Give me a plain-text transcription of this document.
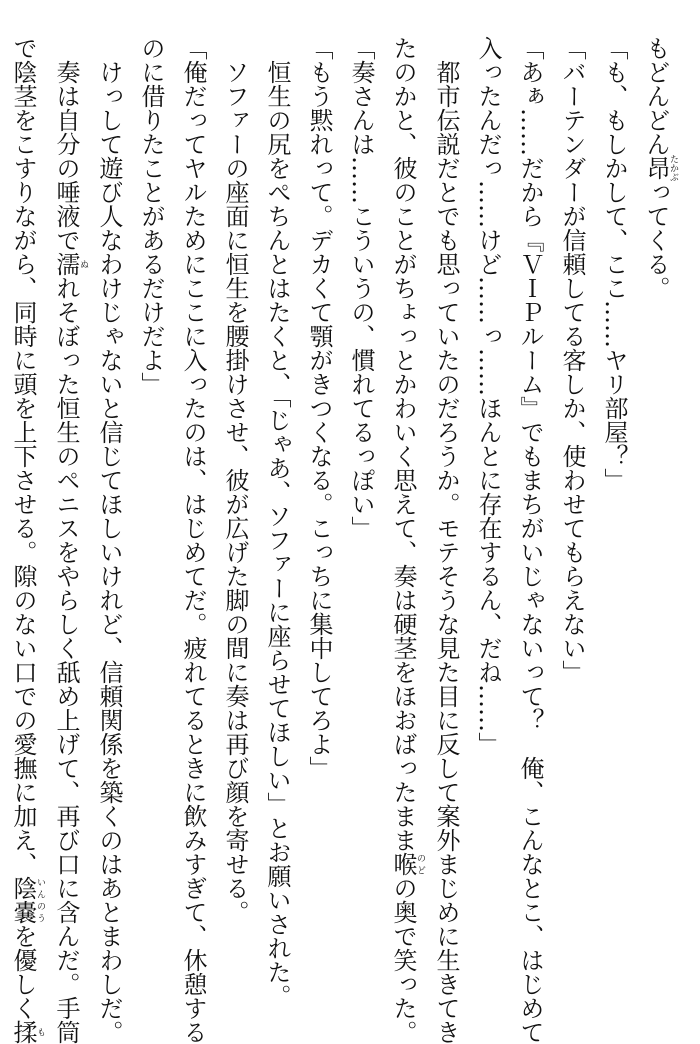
もどんどん昂たかぶってくる。

「も、もしかして、ここ……ヤリ部屋？」

「バーテンダーが信頼してる客しか、使わせてもらえない」

「あぁ……だから『ＶＩＰルーム』でもまちがいじゃないって？　俺、こんなとこ、はじめて

入ったんだっ……けど……っ……ほんとに存在するん、だね……」

　都市伝説だとでも思っていたのだろうか。モテそうな見た目に反して案外まじめに生きてき

たのかと、彼のことがちょっとかわいく思えて、奏は硬茎をほおばったまま喉のどの奥で笑った。

「奏さんは……こういうの、慣れてるっぽい」

「もう黙れって。デカくて顎がきつくなる。こっちに集中してろよ」

　恒生の尻をぺちんとはたくと、「じゃあ、ソファーに座らせてほしい」とお願いされた。

　ソファーの座面に恒生を腰掛けさせ、彼が広げた脚の間に奏は再び顔を寄せる。

「俺だってヤルためにここに入ったのは、はじめてだ。疲れてるときに飲みすぎて、休憩する

のに借りたことがあるだけだよ」

　けっして遊び人なわけじゃないと信じてほしいけれど、信頼関係を築くのはあとまわしだ。

　奏は自分の唾液で濡ぬれそぼった恒生のペニスをやらしく舐め上げて、再び口に含んだ。手筒

で陰茎をこすりながら、同時に頭を上下させる。隙のない口での愛撫に加え、陰嚢いんのうを優しく揉も
